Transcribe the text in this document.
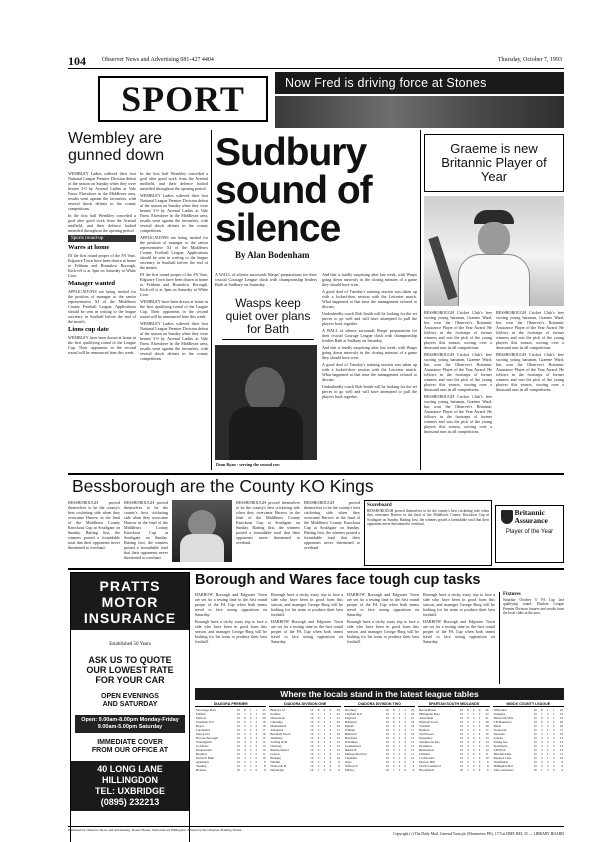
104	Observer News and Advertising 081-427 4404	Thursday, October 7, 1993
SPORT	Now Fred is driving force at Stones
Wembley are gunned down

WEMBLEY Ladies suffered their first National League Premier Division defeat of the season on Sunday when they were beaten 3-0 by Arsenal Ladies at Vale Farm. Elsewhere in the Middlesex area, results went against the favourites, with several shock defeats in the county competitions.

In the first half Wembley conceded a goal after good work from the Arsenal midfield, and their defence looked unsettled throughout the opening period.

Sports round-up
Wares at home

IN the first round proper of the FA Vase, Edgware Town have been drawn at home to Feltham and Hounslow Borough. Kick-off is at 3pm on Saturday at White Lion.

Manager wanted

APPLICATIONS are being invited for the position of manager to the senior representative XI of the Middlesex County Football League. Applications should be sent in writing to the league secretary in Southall before the end of the month.

Lions cup date

WEMBLEY have been drawn at home in the first qualifying round of the League Cup. Their opponents in the second round will be announced later this week.

In the first half Wembley conceded a goal after good work from the Arsenal midfield, and their defence looked unsettled throughout the opening period.

WEMBLEY Ladies suffered their first National League Premier Division defeat of the season on Sunday when they were beaten 3-0 by Arsenal Ladies at Vale Farm. Elsewhere in the Middlesex area, results went against the favourites, with several shock defeats in the county competitions.

APPLICATIONS are being invited for the position of manager to the senior representative XI of the Middlesex County Football League. Applications should be sent in writing to the league secretary in Southall before the end of the month.

IN the first round proper of the FA Vase, Edgware Town have been drawn at home to Feltham and Hounslow Borough. Kick-off is at 3pm on Saturday at White Lion.

WEMBLEY have been drawn at home in the first qualifying round of the League Cup. Their opponents in the second round will be announced later this week.

WEMBLEY Ladies suffered their first National League Premier Division defeat of the season on Sunday when they were beaten 3-0 by Arsenal Ladies at Vale Farm. Elsewhere in the Middlesex area, results went against the favourites, with several shock defeats in the county competitions.

Sudbury sound of silence
By Alan Bodenham
A WALL of silence surrounds Wasps' preparations for their crucial Courage League clash with championship leaders Bath at Sudbury on Saturday.
Wasps keep quiet over plans for Bath
Dean Ryan - serving the second row

And that is hardly surprising after last week, with Wasps going down narrowly in the closing minutes of a game they should have won.

A good deal of Tuesday's training session was taken up with a locked-door session with the Leicester match. What happened at that time the management refused to discuss.

Undoubtedly coach Rob Smith will be looking for the set pieces to go well and will have attempted to pull the players back together.

A WALL of silence surrounds Wasps' preparations for their crucial Courage League clash with championship leaders Bath at Sudbury on Saturday.

And that is hardly surprising after last week, with Wasps going down narrowly in the closing minutes of a game they should have won.

A good deal of Tuesday's training session was taken up with a locked-door session with the Leicester match. What happened at that time the management refused to discuss.

Undoubtedly coach Rob Smith will be looking for the set pieces to go well and will have attempted to pull the players back together.

Graeme is new Britannic Player of Year

BESSBOROUGH Cricket Club's free scoring young batsman, Graeme Ward, has won the Observer's Britannic Assurance Player of the Year Award. He follows in the footsteps of former winners and was the pick of the young players this season, scoring over a thousand runs in all competitions.

BESSBOROUGH Cricket Club's free scoring young batsman, Graeme Ward, has won the Observer's Britannic Assurance Player of the Year Award. He follows in the footsteps of former winners and was the pick of the young players this season, scoring over a thousand runs in all competitions.

BESSBOROUGH Cricket Club's free scoring young batsman, Graeme Ward, has won the Observer's Britannic Assurance Player of the Year Award. He follows in the footsteps of former winners and was the pick of the young players this season, scoring over a thousand runs in all competitions.

BESSBOROUGH Cricket Club's free scoring young batsman, Graeme Ward, has won the Observer's Britannic Assurance Player of the Year Award. He follows in the footsteps of former winners and was the pick of the young players this season, scoring over a thousand runs in all competitions.

BESSBOROUGH Cricket Club's free scoring young batsman, Graeme Ward, has won the Observer's Britannic Assurance Player of the Year Award. He follows in the footsteps of former winners and was the pick of the young players this season, scoring over a thousand runs in all competitions.

Bessborough are the County KO Kings

BESSBOROUGH proved themselves to be the county's best cricketing side when they overcame Harrow in the final of the Middlesex County Knockout Cup at Southgate on Sunday. Batting first, the winners posted a formidable total that their opponents never threatened to overhaul.

BESSBOROUGH proved themselves to be the county's best cricketing side when they overcame Harrow in the final of the Middlesex County Knockout Cup at Southgate on Sunday. Batting first, the winners posted a formidable total that their opponents never threatened to overhaul.

BESSBOROUGH proved themselves to be the county's best cricketing side when they overcame Harrow in the final of the Middlesex County Knockout Cup at Southgate on Sunday. Batting first, the winners posted a formidable total that their opponents never threatened to overhaul.

BESSBOROUGH proved themselves to be the county's best cricketing side when they overcame Harrow in the final of the Middlesex County Knockout Cup at Southgate on Sunday. Batting first, the winners posted a formidable total that their opponents never threatened to overhaul.

Scoreboard
BESSBOROUGH proved themselves to be the county's best cricketing side when they overcame Harrow in the final of the Middlesex County Knockout Cup at Southgate on Sunday. Batting first, the winners posted a formidable total that their opponents never threatened to overhaul.
Britannic Assurance
Player of the Year
PRATTS MOTOR
INSURANCE
Established 50 Years
ASK US TO QUOTE
OUR LOWEST RATE
FOR YOUR CAR
OPEN EVENINGS
AND SATURDAY
Open: 9.00am-8.00pm Monday-Friday
9.00am-5.00pm Saturday
IMMEDIATE COVER
FROM OUR OFFICE AT
40 LONG LANE
HILLINGDON
TEL: UXBRIDGE
(0895) 232213
Borough and Wares face tough cup tasks

HARROW Borough and Edgware Town are set for a testing time in the first round proper of the FA Cup when both teams travel to face strong opposition on Saturday.

Borough have a tricky away trip to face a side who have been in good form this season, and manager George Borg will be looking for his team to produce their best football.

Borough have a tricky away trip to face a side who have been in good form this season, and manager George Borg will be looking for his team to produce their best football.

HARROW Borough and Edgware Town are set for a testing time in the first round proper of the FA Cup when both teams travel to face strong opposition on Saturday.

HARROW Borough and Edgware Town are set for a testing time in the first round proper of the FA Cup when both teams travel to face strong opposition on Saturday.

Borough have a tricky away trip to face a side who have been in good form this season, and manager George Borg will be looking for his team to produce their best football.

Borough have a tricky away trip to face a side who have been in good form this season, and manager George Borg will be looking for his team to produce their best football.

HARROW Borough and Edgware Town are set for a testing time in the first round proper of the FA Cup when both teams travel to face strong opposition on Saturday.

Fixtures
Saturday October 9. FA Cup 2nd qualifying round. Diadora League Premier Division fixtures and results from the local clubs in the area.
Where the locals stand in the latest league tables
DIADORA PREMIER
Stevenage Boro	10	8	1	1	25
Enfield	10	7	2	1	23
Marlow	10	6	2	2	20
Chesham Utd	10	6	1	3	19
Hayes	10	5	3	2	18
Carshalton	10	5	2	3	17
Sutton Utd	10	5	1	4	16
Harrow Borough	10	4	3	3	15
Wokingham	10	4	2	4	14
St Albans	10	4	1	5	13
Kingstonian	10	3	3	4	12
Bromley	10	3	2	5	11
Dulwich Ham	10	3	1	6	10
Aylesbury	10	2	3	5	9
Yeading	10	2	2	6	8
Hendon	10	1	3	6	6
DIADORA DIVISION ONE
Bishop's St	10	8	2	0	26
Purfleet	10	7	1	2	22
Whyteleafe	10	6	3	1	21
Uxbridge	10	6	2	2	20
Maidenhead	10	5	3	2	18
Abingdon	10	5	2	3	17
Boreham Wood	10	5	1	4	16
Wembley	10	4	3	3	15
Tooting & M	10	4	2	4	14
Chertsey	10	4	1	5	13
Ruislip Manor	10	3	3	4	12
Leyton	10	3	2	5	11
Barking	10	3	1	6	10
Hitchin	10	2	3	5	9
Walton & H	10	2	2	6	8
Heybridge	10	1	3	6	6
DIADORA DIVISION TWO
Newbury	10	8	1	1	25
Chalfont St P	10	7	2	1	23
Edgware	10	6	3	1	21
Hampton	10	6	2	2	20
Egham	10	5	3	2	18
Witham	10	5	2	3	17
Banstead	10	5	1	4	16
Harefield	10	4	3	3	15
Wivenhoe	10	4	2	4	14
Leatherhead	10	4	1	5	13
Hemel H	10	3	3	4	12
Metropolitan Pol	10	3	2	5	11
Cheshunt	10	3	1	6	10
Ware	10	2	3	5	9
Saffron W	10	2	2	6	8
Tilbury	10	1	3	6	6
SPARTAN SOUTH MIDLANDS
Brook House	10	8	2	0	26
Hillingdon Boro	10	7	1	2	22
Amersham	10	6	3	1	21
Hanwell Town	10	6	2	2	20
Southall	10	5	3	2	18
Bedfont	10	5	2	3	17
Northwood	10	5	1	4	16
Kingsbury	10	4	3	3	15
Wealdstone Res	10	4	2	4	14
Hounslow	10	4	1	5	13
Brimsdown	10	3	3	4	12
Feltham	10	3	2	5	11
Cockfosters	10	3	1	6	10
Harrow Hill	10	2	3	5	9
North Greenford	10	2	2	6	8
Broadfields	10	1	3	6	6
MIDDX COUNTY LEAGUE
Willesden	10	8	1	1	25
Sandgate	10	7	2	1	23
Hanworth Villa	10	6	3	1	21
CB Hounslow	10	6	2	2	20
Bison	10	5	3	2	18
Stonewall	10	5	2	3	17
Neasden	10	5	1	4	16
Glacier	10	4	3	3	15
Ealing Ass	10	4	2	4	14
Spelthorne	10	4	1	5	13
LPOSSA	10	3	3	4	12
Harefield Res	10	3	2	5	11
Rayners Lane	10	3	1	6	10
Northfields	10	2	3	5	9
Hillingdon Res	10	2	2	6	8
Jolly Gardeners	10	1	3	6	6
Published by Observer News and Advertising, Dorset House, Station Road, Hillingdon. Printed by the Observer Printing Works.
Copyright (c) The Daily Mail, General Trust plc (Mountview PK), 17/5 at HMP, BEL 35 — LIBRARY BOARD
